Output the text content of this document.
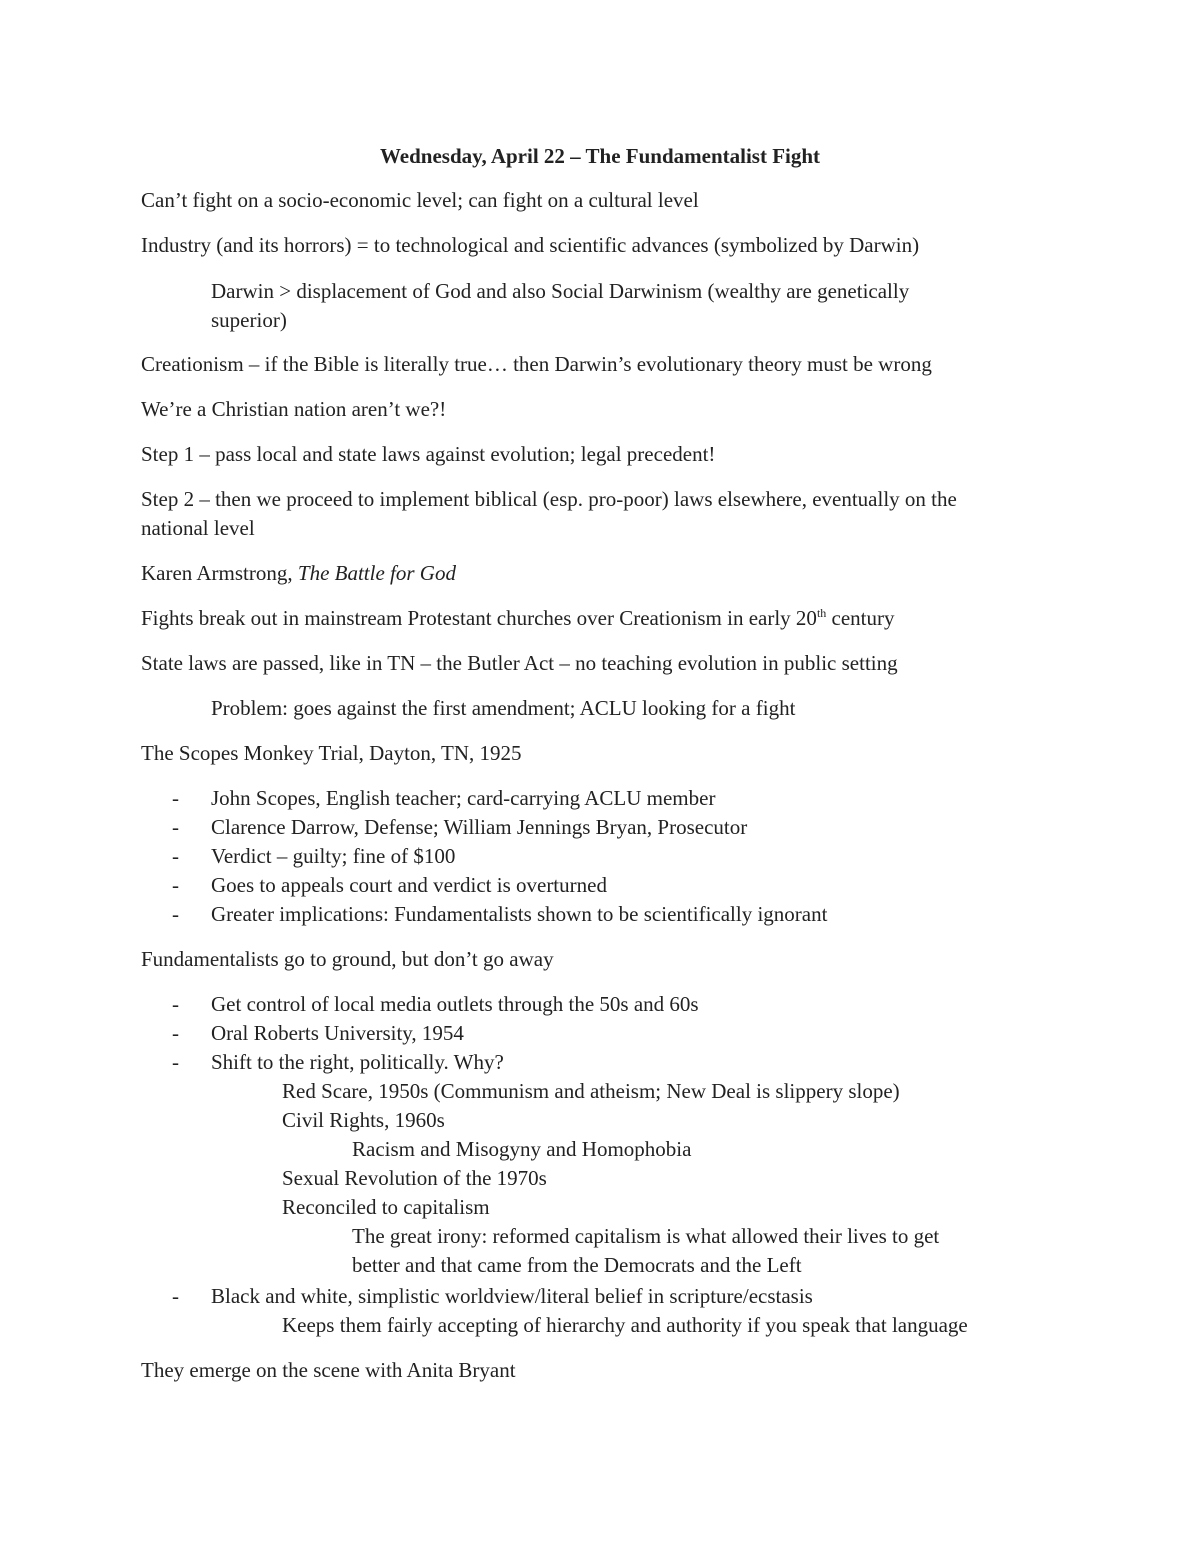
Wednesday, April 22 – The Fundamentalist Fight
Can’t fight on a socio-economic level; can fight on a cultural level
Industry (and its horrors) = to technological and scientific advances (symbolized by Darwin)
Darwin > displacement of God and also Social Darwinism (wealthy are genetically
superior)
Creationism – if the Bible is literally true… then Darwin’s evolutionary theory must be wrong
We’re a Christian nation aren’t we?!
Step 1 – pass local and state laws against evolution; legal precedent!
Step 2 – then we proceed to implement biblical (esp. pro-poor) laws elsewhere, eventually on the
national level
Karen Armstrong, The Battle for God
Fights break out in mainstream Protestant churches over Creationism in early 20th century
State laws are passed, like in TN – the Butler Act – no teaching evolution in public setting
Problem: goes against the first amendment; ACLU looking for a fight
The Scopes Monkey Trial, Dayton, TN, 1925
- John Scopes, English teacher; card-carrying ACLU member
- Clarence Darrow, Defense; William Jennings Bryan, Prosecutor
- Verdict – guilty; fine of $100
- Goes to appeals court and verdict is overturned
- Greater implications: Fundamentalists shown to be scientifically ignorant
Fundamentalists go to ground, but don’t go away
- Get control of local media outlets through the 50s and 60s
- Oral Roberts University, 1954
- Shift to the right, politically. Why?
Red Scare, 1950s (Communism and atheism; New Deal is slippery slope)
Civil Rights, 1960s
Racism and Misogyny and Homophobia
Sexual Revolution of the 1970s
Reconciled to capitalism
The great irony: reformed capitalism is what allowed their lives to get
better and that came from the Democrats and the Left
- Black and white, simplistic worldview/literal belief in scripture/ecstasis
Keeps them fairly accepting of hierarchy and authority if you speak that language
They emerge on the scene with Anita Bryant
